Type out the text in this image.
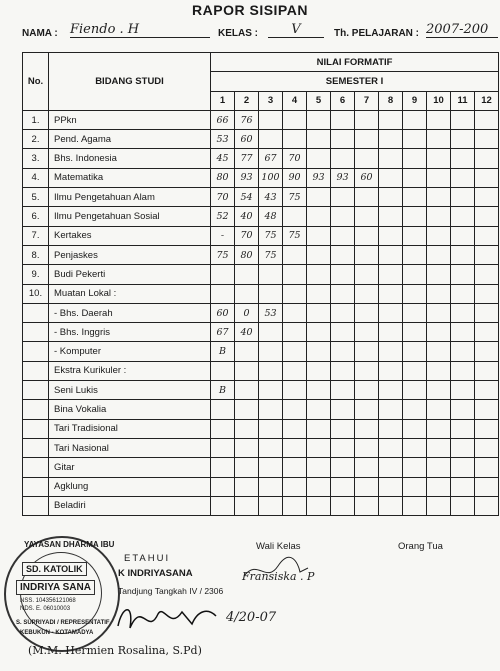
RAPOR SISIPAN
NAMA : Fiendo . H	KELAS :	V	Th. PELAJARAN : 2007-200
No.	BIDANG STUDI	NILAI FORMATIF											
		SEMESTER I											
		1	2	3	4	5	6	7	8	9	10	11	12
1.	PPkn	66	76										
2.	Pend. Agama	53	60										
3.	Bhs. Indonesia	45	77	67	70								
4.	Matematika	80	93	100	90	93	93	60					
5.	Ilmu Pengetahuan Alam	70	54	43	75								
6.	Ilmu Pengetahuan Sosial	52	40	48									
7.	Kertakes	-	70	75	75								
8.	Penjaskes	75	80	75									
9.	Budi Pekerti												
10.	Muatan Lokal :												
	- Bhs. Daerah	60	0	53									
	- Bhs. Inggris	67	40										
	- Komputer	B											
	Ekstra Kurikuler :												
	Seni Lukis	B											
	Bina Vokalia												
	Tari Tradisional												
	Tari Nasional												
	Gitar												
	Agklung												
	Beladiri												
YAYASAN DHARMA IBU
SD. KATOLIK
INDRIYA SANA
NSS. 104356121068
NDS. E. 06010003
S. SUPRIYADI / REPRESENTATIF
KEBUKUN - KOTAMADYA
ETAHUI
K INDRIYASANA
Tandjung Tangkah IV / 2306
Wali Kelas
Fransiska . P
Orang Tua
4/20-07
(M.M. Hermien Rosalina, S.Pd)
